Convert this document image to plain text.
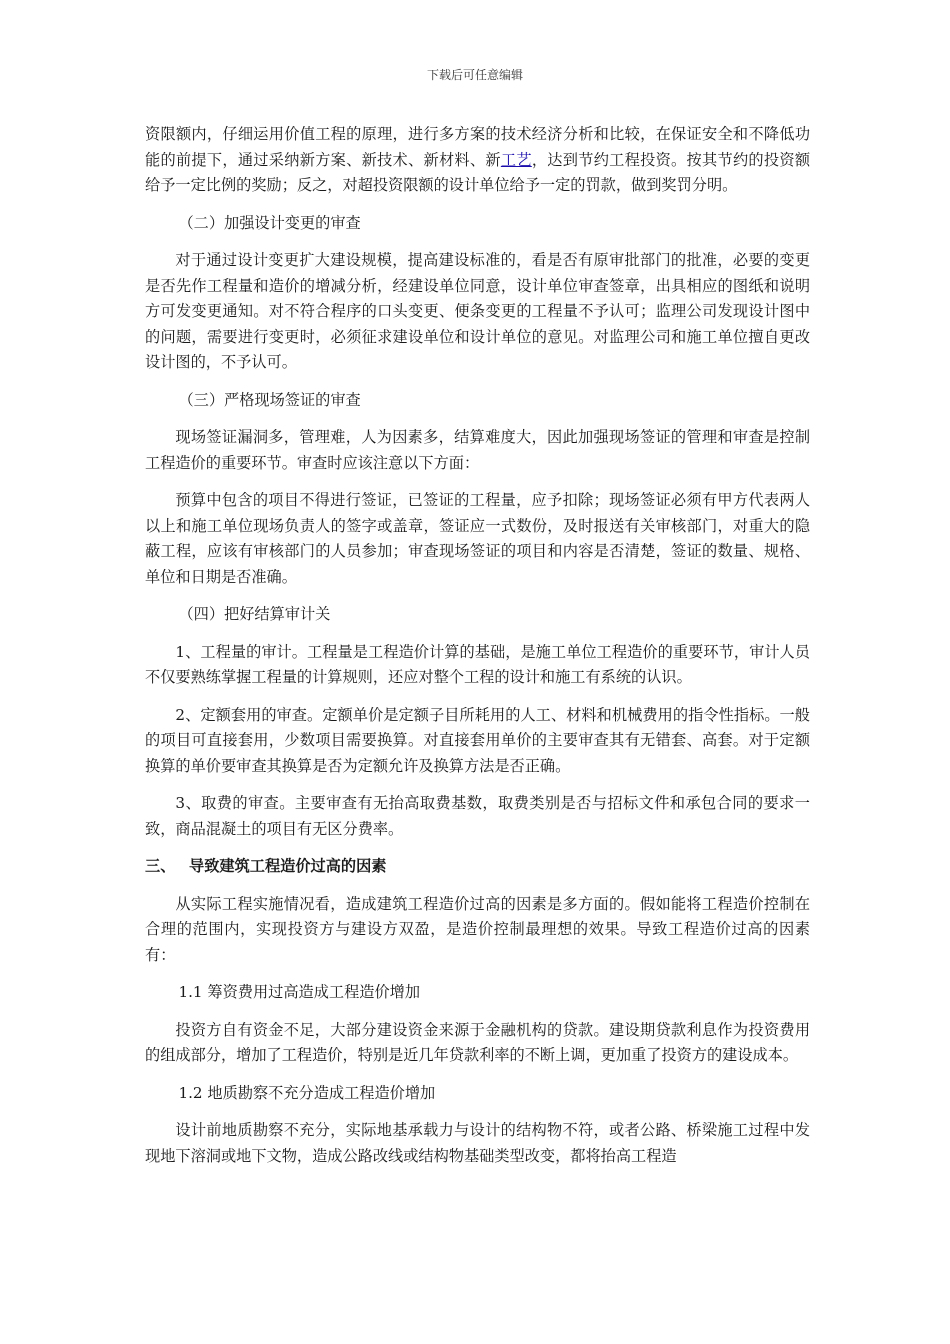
下载后可任意编辑

资限额内，仔细运用价值工程的原理，进行多方案的技术经济分析和比较，在保证安全和不降低功能的前提下，通过采纳新方案、新技术、新材料、新工艺，达到节约工程投资。按其节约的投资额给予一定比例的奖励；反之，对超投资限额的设计单位给予一定的罚款，做到奖罚分明。

（二）加强设计变更的审查

对于通过设计变更扩大建设规模，提高建设标准的，看是否有原审批部门的批准，必要的变更是否先作工程量和造价的增减分析，经建设单位同意，设计单位审查签章，出具相应的图纸和说明方可发变更通知。对不符合程序的口头变更、便条变更的工程量不予认可；监理公司发现设计图中的问题，需要进行变更时，必须征求建设单位和设计单位的意见。对监理公司和施工单位擅自更改设计图的，不予认可。

（三）严格现场签证的审查

现场签证漏洞多，管理难，人为因素多，结算难度大，因此加强现场签证的管理和审查是控制工程造价的重要环节。审查时应该注意以下方面：

预算中包含的项目不得进行签证，已签证的工程量，应予扣除；现场签证必须有甲方代表两人以上和施工单位现场负责人的签字或盖章，签证应一式数份，及时报送有关审核部门，对重大的隐蔽工程，应该有审核部门的人员参加；审查现场签证的项目和内容是否清楚，签证的数量、规格、单位和日期是否准确。

（四）把好结算审计关

1、工程量的审计。工程量是工程造价计算的基础，是施工单位工程造价的重要环节，审计人员不仅要熟练掌握工程量的计算规则，还应对整个工程的设计和施工有系统的认识。

2、定额套用的审查。定额单价是定额子目所耗用的人工、材料和机械费用的指令性指标。一般的项目可直接套用，少数项目需要换算。对直接套用单价的主要审查其有无错套、高套。对于定额换算的单价要审查其换算是否为定额允许及换算方法是否正确。

3、取费的审查。主要审查有无抬高取费基数，取费类别是否与招标文件和承包合同的要求一致，商品混凝土的项目有无区分费率。

三、 导致建筑工程造价过高的因素

从实际工程实施情况看，造成建筑工程造价过高的因素是多方面的。假如能将工程造价控制在合理的范围内，实现投资方与建设方双盈，是造价控制最理想的效果。导致工程造价过高的因素有：

1.1 筹资费用过高造成工程造价增加

投资方自有资金不足，大部分建设资金来源于金融机构的贷款。建设期贷款利息作为投资费用的组成部分，增加了工程造价，特别是近几年贷款利率的不断上调，更加重了投资方的建设成本。

1.2 地质勘察不充分造成工程造价增加

设计前地质勘察不充分，实际地基承载力与设计的结构物不符，或者公路、桥梁施工过程中发现地下溶洞或地下文物，造成公路改线或结构物基础类型改变，都将抬高工程造
